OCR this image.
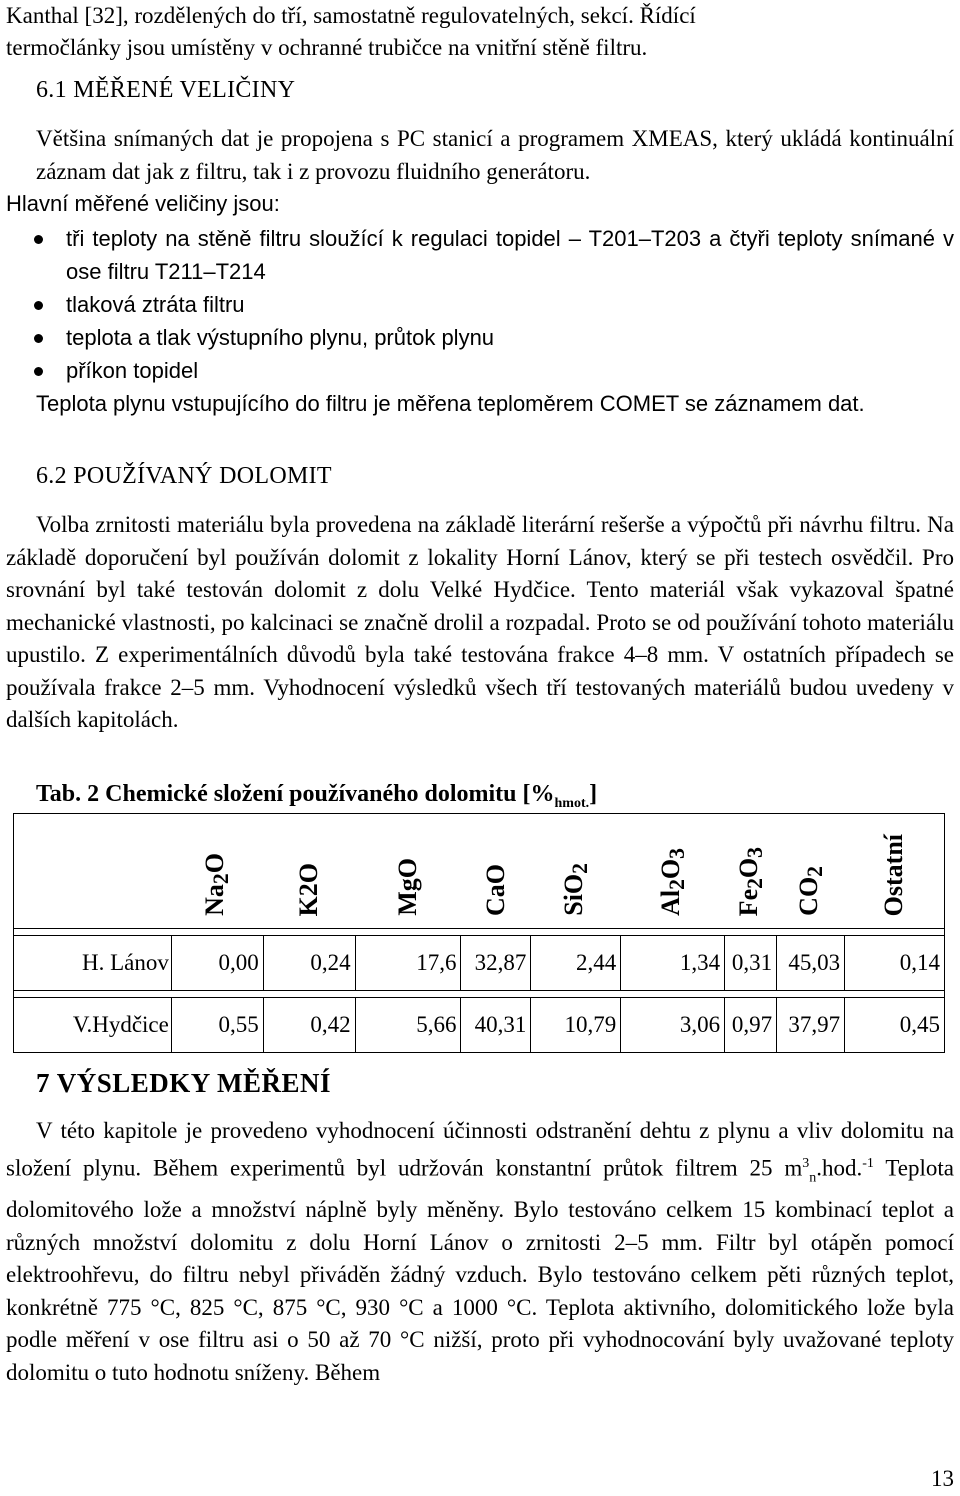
Kanthal [32], rozdělených do tří, samostatně regulovatelných, sekcí. Řídící
termočlánky jsou umístěny v ochranné trubičce na vnitřní stěně filtru.
6.1 MĚŘENÉ VELIČINY
Většina snímaných dat je propojena s PC stanicí a programem XMEAS, který ukládá kontinuální záznam dat jak z filtru, tak i z provozu fluidního generátoru.
Hlavní měřené veličiny jsou:
tři teploty na stěně filtru sloužící k regulaci topidel – T201–T203 a čtyři teploty snímané v ose filtru T211–T214
tlaková ztráta filtru
teplota a tlak výstupního plynu, průtok plynu
příkon topidel
Teplota plynu vstupujícího do filtru je měřena teploměrem COMET se záznamem dat.
6.2 POUŽÍVANÝ DOLOMIT
Volba zrnitosti materiálu byla provedena na základě literární rešerše a výpočtů při návrhu filtru. Na základě doporučení byl používán dolomit z lokality Horní Lánov, který se při testech osvědčil. Pro srovnání byl také testován dolomit z dolu Velké Hydčice. Tento materiál však vykazoval špatné mechanické vlastnosti, po kalcinaci se značně drolil a rozpadal. Proto se od používání tohoto materiálu upustilo. Z experimentálních důvodů byla také testována frakce 4–8 mm. V ostatních případech se používala frakce 2–5 mm. Vyhodnocení výsledků všech tří testovaných materiálů budou uvedeny v dalších kapitolách.
Tab. 2 Chemické složení používaného dolomitu $[\%_{hmot.}]$
	$Na_2O$	K2O	MgO	CaO	SiO$_2$	$Al_2O_3$	$Fe_2O_3$	$CO_2$	Ostatní

H. Lánov	0,00	0,24	17,6	32,87	2,44	1,34	0,31	45,03	0,14

V.Hydčice	0,55	0,42	5,66	40,31	10,79	3,06	0,97	37,97	0,45
7 VÝSLEDKY MĚŘENÍ
V této kapitole je provedeno vyhodnocení účinnosti odstranění dehtu z plynu a vliv dolomitu na složení plynu. Během experimentů byl udržován konstantní průtok filtrem 25 $m^3_n.hod.^{-1}$ Teplota dolomitového lože a množství náplně byly měněny. Bylo testováno celkem 15 kombinací teplot a různých množství dolomitu z dolu Horní Lánov o zrnitosti 2–5 mm. Filtr byl otápěn pomocí elektroohřevu, do filtru nebyl přiváděn žádný vzduch. Bylo testováno celkem pěti různých teplot, konkrétně 775 °C, 825 °C, 875 °C, 930 °C a 1000 °C. Teplota aktivního, dolomitického lože byla podle měření v ose filtru asi o 50 až 70 °C nižší, proto při vyhodnocování byly uvažované teploty dolomitu o tuto hodnotu sníženy. Během
13
